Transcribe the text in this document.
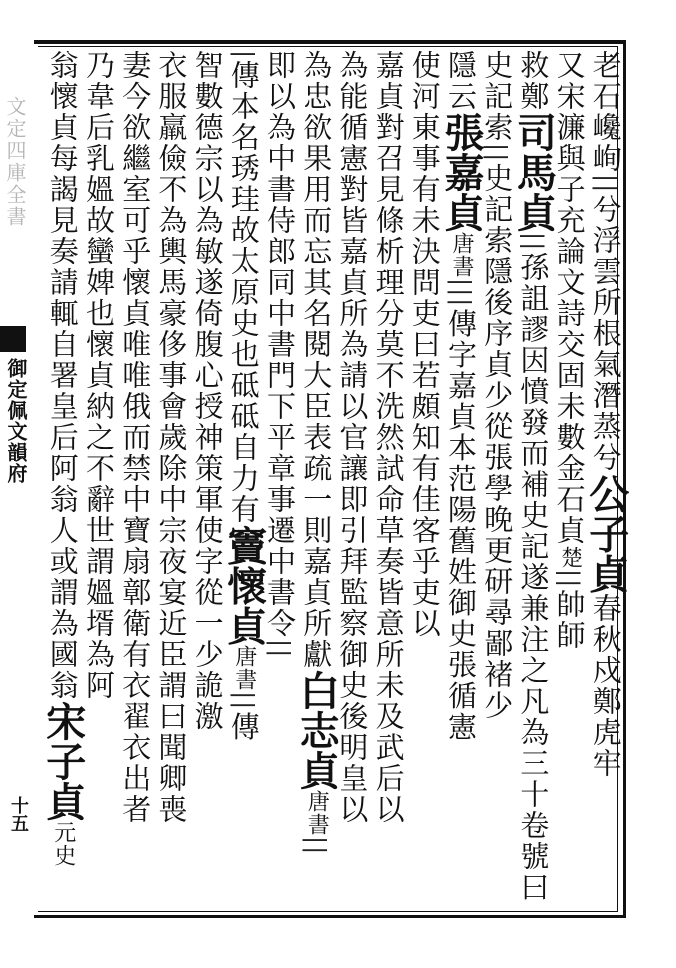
文定四庫全書
御定佩文韻府
十五
老石巉峋||兮浮雲所根氣潛蒸兮公子貞春秋戍鄭虎牢
又宋濂與子充論文詩交固未數金石貞楚||帥師
救鄭司馬貞||孫詛謬因憤發而補史記遂兼注之凡為三十卷號曰
史記索||史記索隱後序貞少從張學晚更研尋鄙褚少
隱云張嘉貞唐書|||傳字嘉貞本范陽舊姓御史張循憲
使河東事有未決問吏曰若頗知有佳客乎吏以
嘉貞對召見條析理分莫不洗然試命草奏皆意所未及武后以
為能循憲對皆嘉貞所為請以官讓即引拜監察御史後明皇以
為忠欲果用而忘其名閱大臣表疏一則嘉貞所獻白志貞唐書||
即以為中書侍郎同中書門下平章事遷中書令||
|傳本名琇珪故太原史也砥砥自力有竇懷貞唐書||傳
智數德宗以為敏遂倚腹心授神策軍使字從一少詭激
衣服羸儉不為輿馬豪侈事會歲除中宗夜宴近臣謂曰聞卿喪
妻今欲繼室可乎懷貞唯唯俄而禁中寶扇鄣衛有衣翟衣出者
乃韋后乳媼故蠻婢也懷貞納之不辭世謂媼壻為阿
翁懷貞每謁見奏請輒自署皇后阿翁人或謂為國翁宋子貞元史
